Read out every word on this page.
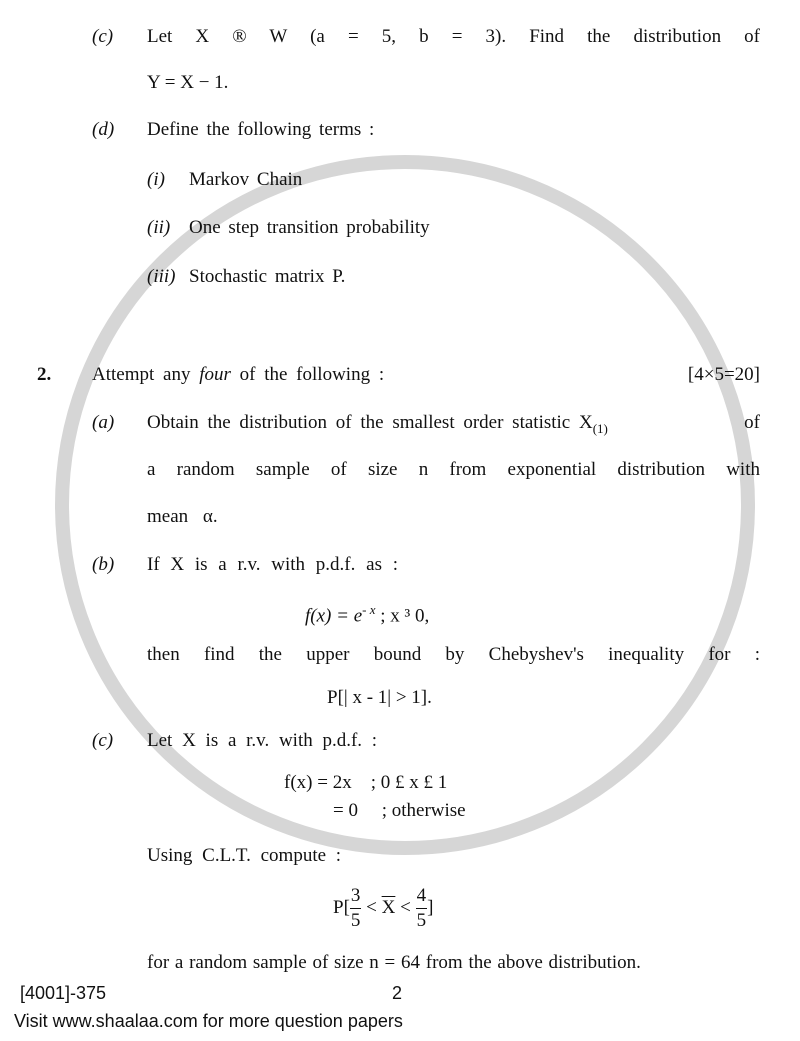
(c) Let X ® W (a = 5, b = 3). Find the distribution of
Y = X − 1.
(d) Define the following terms :
(i) Markov Chain
(ii) One step transition probability
(iii) Stochastic matrix P.
2. Attempt any four of the following :	[4×5=20]
(a) Obtain the distribution of the smallest order statistic $X_{(1)}$	of
a random sample of size n from exponential distribution with
mean α.
(b) If X is a r.v. with p.d.f. as :
$f(x) = e^{- x}$ ; x ³ 0,
then find the upper bound by Chebyshev's inequality for :
P[| x - 1| > 1].
(c) Let X is a r.v. with p.d.f. :
f(x) = 2x    ; 0 £ x £ 1
= 0     ; otherwise
Using C.L.T. compute :
$P[ \frac{3}{5} < \overline{X} < \frac{4}{5}$ ]
for a random sample of size n = 64 from the above distribution.
[4001]-375	2
Visit www.shaalaa.com for more question papers
